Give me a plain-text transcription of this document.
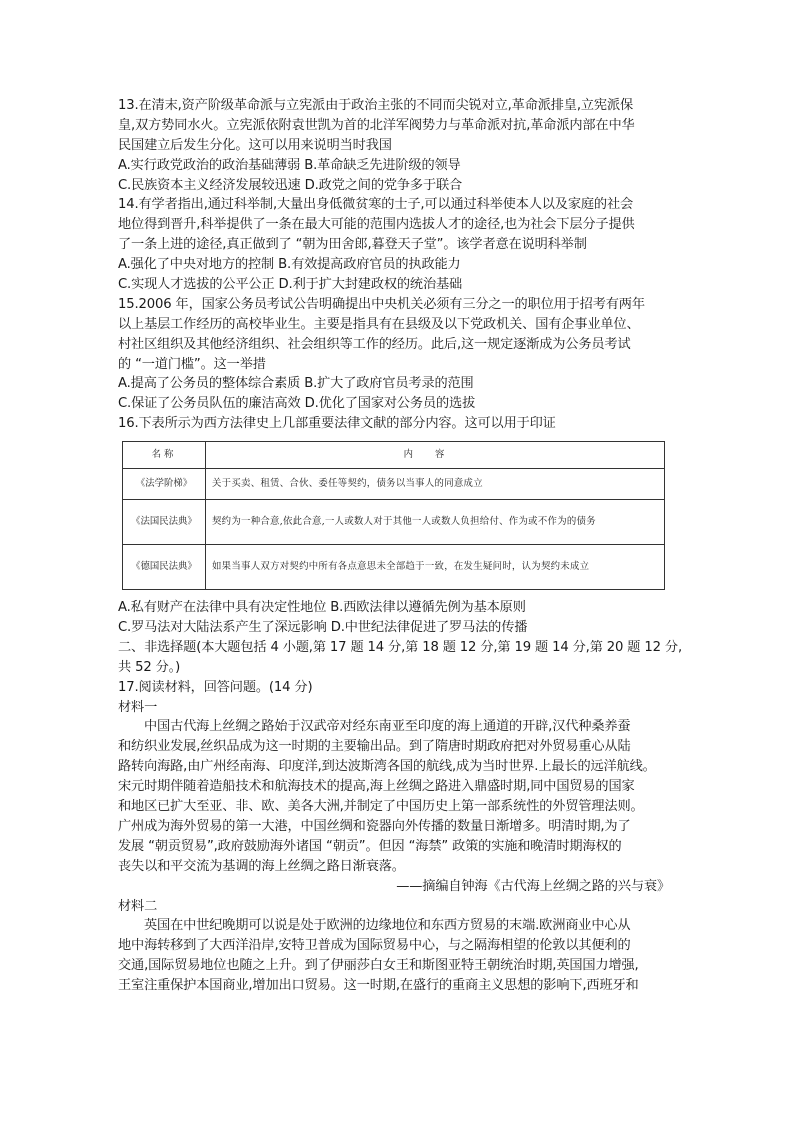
13.在清末,资产阶级革命派与立宪派由于政治主张的不同而尖锐对立,革命派排皇,立宪派保
皇,双方势同水火。立宪派依附袁世凯为首的北洋军阀势力与革命派对抗,革命派内部在中华
民国建立后发生分化。这可以用来说明当时我国
A.实行政党政治的政治基础薄弱 B.革命缺乏先进阶级的领导
C.民族资本主义经济发展较迅速 D.政党之间的党争多于联合
14.有学者指出,通过科举制,大量出身低微贫寒的士子,可以通过科举使本人以及家庭的社会
地位得到晋升,科举提供了一条在最大可能的范围内选拔人才的途径,也为社会下层分子提供
了一条上进的途径,真正做到了 “朝为田舍郎,暮登天子堂”。该学者意在说明科举制
A.强化了中央对地方的控制 B.有效提高政府官员的执政能力
C.实现人才选拔的公平公正 D.利于扩大封建政权的统治基础
15.2006 年，国家公务员考试公告明确提出中央机关必须有三分之一的职位用于招考有两年
以上基层工作经历的高校毕业生。主要是指具有在县级及以下党政机关、国有企事业单位、
村社区组织及其他经济组织、社会组织等工作的经历。此后,这一规定逐渐成为公务员考试
的 “一道门槛”。这一举措
A.提高了公务员的整体综合素质 B.扩大了政府官员考录的范围
C.保证了公务员队伍的廉洁高效 D.优化了国家对公务员的选拔
16.下表所示为西方法律史上几部重要法律文献的部分内容。这可以用于印证
名称	内容
《法学阶梯》	关于买卖、租赁、合伙、委任等契约，债务以当事人的同意成立
《法国民法典》	契约为一种合意,依此合意,一人或数人对于其他一人或数人负担给付、作为或不作为的债务
《德国民法典》	如果当事人双方对契约中所有各点意思未全部趋于一致，在发生疑问时，认为契约未成立
A.私有财产在法律中具有决定性地位 B.西欧法律以遵循先例为基本原则
C.罗马法对大陆法系产生了深远影响 D.中世纪法律促进了罗马法的传播
二、非选择题(本大题包括 4 小题,第 17 题 14 分,第 18 题 12 分,第 19 题 14 分,第 20 题 12 分,
共 52 分。)
17.阅读材料，回答问题。(14 分)
材料一
中国古代海上丝绸之路始于汉武帝对经东南亚至印度的海上通道的开辟,汉代种桑养蚕
和纺织业发展,丝织品成为这一时期的主要输出品。到了隋唐时期政府把对外贸易重心从陆
路转向海路,由广州经南海、印度洋,到达波斯湾各国的航线,成为当时世界.上最长的远洋航线。
宋元时期伴随着造船技术和航海技术的提高,海上丝绸之路进入鼎盛时期,同中国贸易的国家
和地区已扩大至亚、非、欧、美各大洲,并制定了中国历史上第一部系统性的外贸管理法则。
广州成为海外贸易的第一大港，中国丝绸和瓷器向外传播的数量日渐增多。明清时期,为了
发展 “朝贡贸易”,政府鼓励海外诸国 “朝贡”。但因 “海禁” 政策的实施和晚清时期海权的
丧失以和平交流为基调的海上丝绸之路日渐衰落。
——摘编自钟海《古代海上丝绸之路的兴与衰》
材料二
英国在中世纪晚期可以说是处于欧洲的边缘地位和东西方贸易的末端.欧洲商业中心从
地中海转移到了大西洋沿岸,安特卫普成为国际贸易中心，与之隔海相望的伦敦以其便利的
交通,国际贸易地位也随之上升。到了伊丽莎白女王和斯图亚特王朝统治时期,英国国力增强,
王室注重保护本国商业,增加出口贸易。这一时期,在盛行的重商主义思想的影响下,西班牙和
